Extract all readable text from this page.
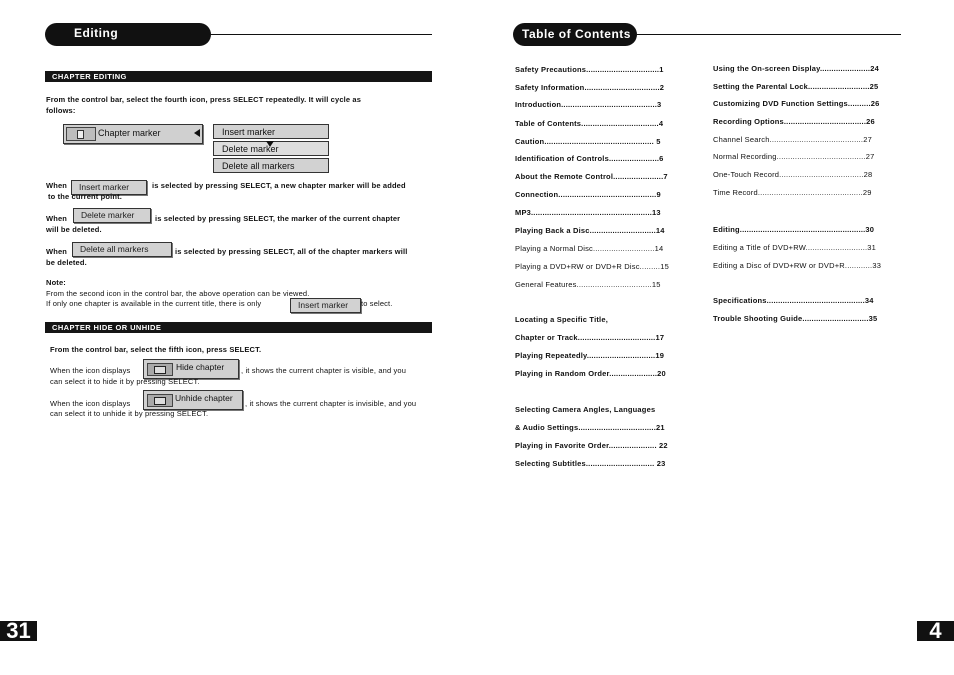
Editing
CHAPTER EDITING
From the control bar, select the fourth icon, press SELECT repeatedly. It will cycle as
follows:
Chapter marker	Insert marker
Delete marker
Delete all markers
When	Insert marker	is selected by pressing SELECT, a new chapter marker will be added
to the current point.
When	Delete marker	is selected by pressing SELECT, the marker of the current chapter
will be deleted.
When	Delete all markers	is selected by pressing SELECT, all of the chapter markers will
be deleted.
Note:
From the second icon in the control bar, the above operation can be viewed.
If only one chapter is available in the current title, there is only	Insert marker	to select.
CHAPTER HIDE OR UNHIDE
From the control bar, select the fifth icon, press SELECT.
When the icon displays	Hide chapter , it shows the current chapter is visible, and you
can select it to hide it by pressing SELECT.
When the icon displays
Unhide chapter
, it shows the current chapter is invisible, and you
can select it to unhide it by pressing SELECT.
31
Table of Contents
Safety Precautions................................1
Safety Information.................................2
Introduction..........................................3
Table of Contents..................................4
Caution................................................ 5
Identification of Controls......................6
About the Remote Control......................7
Connection...........................................9
MP3.....................................................13
Playing Back a Disc.............................14
Playing a Normal Disc...........................14
Playing a DVD+RW or DVD+R Disc.........15
General Features.................................15
Locating a Specific Title,
Chapter or Track..................................17
Playing Repeatedly..............................19
Playing in Random Order.....................20
Selecting Camera Angles, Languages
& Audio Settings..................................21
Playing in Favorite Order..................... 22
Selecting Subtitles.............................. 23
Using the On-screen Display......................24
Setting the Parental Lock...........................25
Customizing DVD Function Settings..........26
Recording Options....................................26
Channel Search.........................................27
Normal Recording.......................................27
One-Touch Record.....................................28
Time Record..............................................29
Editing.......................................................30
Editing a Title of DVD+RW...........................31
Editing a Disc of DVD+RW or DVD+R............33
Specifications...........................................34
Trouble Shooting Guide.............................35
4
